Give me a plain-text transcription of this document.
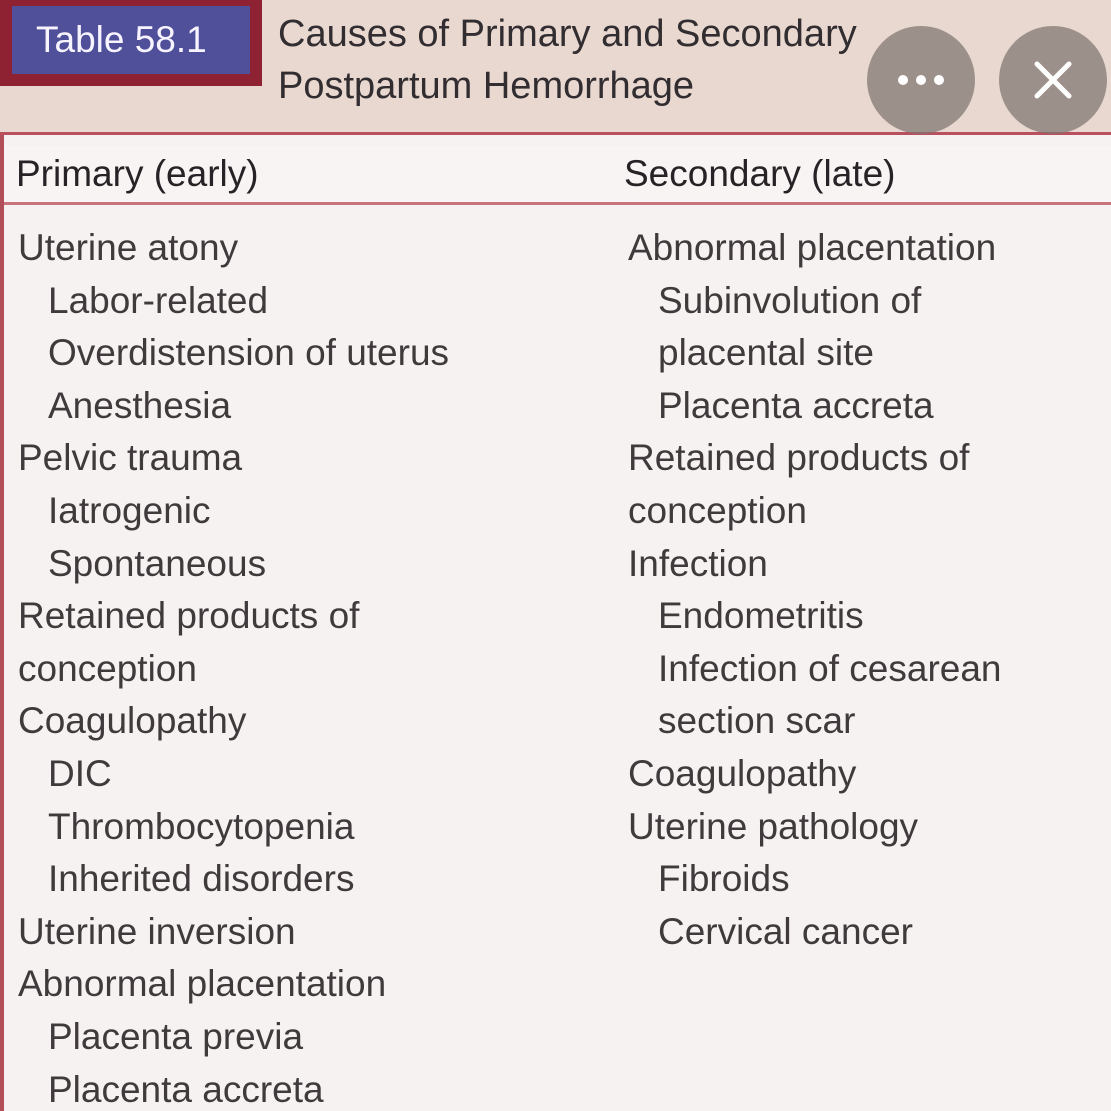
Table 58.1	Causes of Primary and Secondary
Postpartum Hemorrhage
Primary (early)	Secondary (late)
Uterine atony
Labor-related
Overdistension of uterus
Anesthesia
Pelvic trauma
Iatrogenic
Spontaneous
Retained products of
conception
Coagulopathy
DIC
Thrombocytopenia
Inherited disorders
Uterine inversion
Abnormal placentation
Placenta previa
Placenta accreta
Abnormal placentation
Subinvolution of
placental site
Placenta accreta
Retained products of
conception
Infection
Endometritis
Infection of cesarean
section scar
Coagulopathy
Uterine pathology
Fibroids
Cervical cancer
